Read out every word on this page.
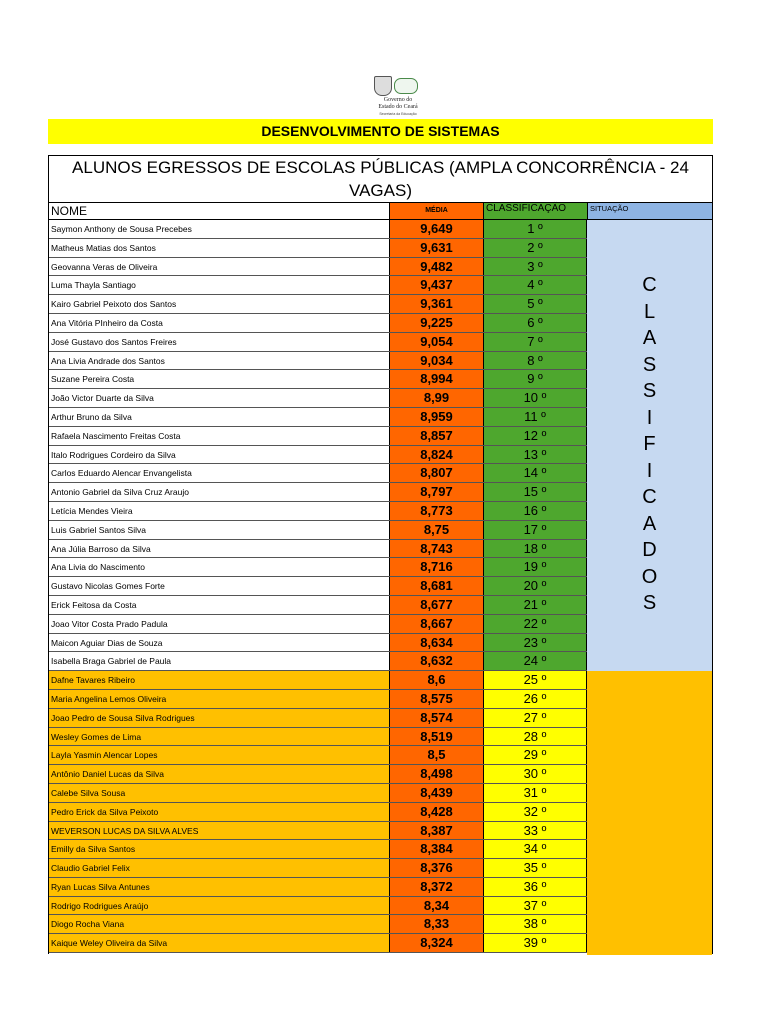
Governo do
Estado do Ceará
Secretaria da Educação
DESENVOLVIMENTO DE SISTEMAS
ALUNOS EGRESSOS DE ESCOLAS PÚBLICAS (AMPLA CONCORRÊNCIA - 24 VAGAS)
NOME	MÉDIA	CLASSIFICAÇÃO	SITUAÇÃO
Saymon Anthony de Sousa Precebes	9,649	1 º
Matheus Matias dos Santos	9,631	2 º
Geovanna Veras de Oliveira	9,482	3 º
Luma Thayla Santiago	9,437	4 º
Kairo Gabriel Peixoto dos Santos	9,361	5 º
Ana Vitória PInheiro da Costa	9,225	6 º
José Gustavo dos Santos Freires	9,054	7 º
Ana Livia Andrade dos Santos	9,034	8 º
Suzane Pereira Costa	8,994	9 º
João Victor Duarte da Silva	8,99	10 º
Arthur Bruno da Silva	8,959	11 º
Rafaela Nascimento Freitas Costa	8,857	12 º
Italo Rodrigues Cordeiro da Silva	8,824	13 º
Carlos Eduardo Alencar Envangelista	8,807	14 º
Antonio Gabriel da Silva Cruz Araujo	8,797	15 º
Letícia Mendes Vieira	8,773	16 º
Luis Gabriel Santos Silva	8,75	17 º
Ana Júlia Barroso da Silva	8,743	18 º
Ana Livia do Nascimento	8,716	19 º
Gustavo Nicolas Gomes Forte	8,681	20 º
Erick Feitosa da Costa	8,677	21 º
Joao Vitor Costa Prado Padula	8,667	22 º
Maicon Aguiar Dias de Souza	8,634	23 º
Isabella Braga Gabriel de Paula	8,632	24 º
Dafne Tavares Ribeiro	8,6	25 º
Maria Angelina Lemos Oliveira	8,575	26 º
Joao Pedro de Sousa Silva Rodrigues	8,574	27 º
Wesley Gomes de Lima	8,519	28 º
Layla Yasmin Alencar Lopes	8,5	29 º
Antônio Daniel Lucas da Silva	8,498	30 º
Calebe Silva Sousa	8,439	31 º
Pedro Erick da Silva Peixoto	8,428	32 º
WEVERSON LUCAS DA SILVA ALVES	8,387	33 º
Emilly da Silva Santos	8,384	34 º
Claudio Gabriel Felix	8,376	35 º
Ryan Lucas Silva Antunes	8,372	36 º
Rodrigo Rodrigues Araújo	8,34	37 º
Diogo Rocha Viana	8,33	38 º
Kaique Weley Oliveira da Silva	8,324	39 º
C
L
A
S
S
I
F
I
C
A
D
O
S
